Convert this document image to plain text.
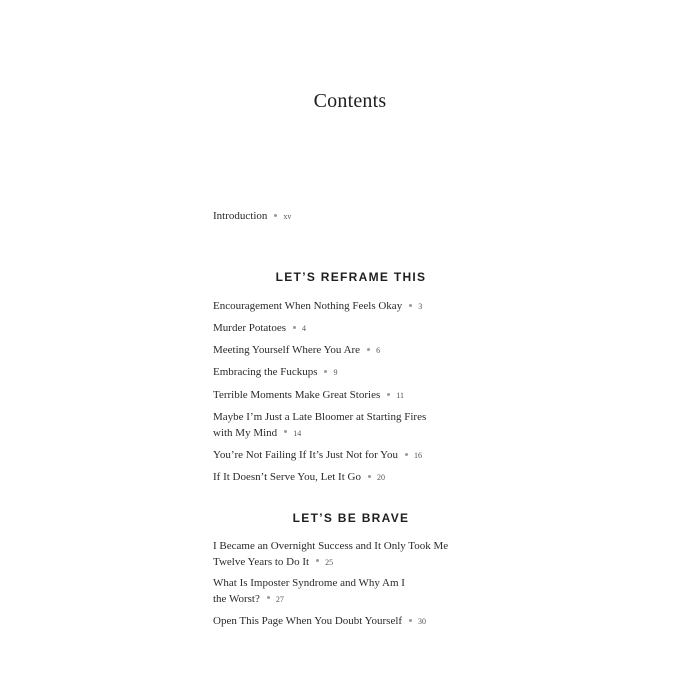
Contents

Introduction xv

LET’S REFRAME THIS

Encouragement When Nothing Feels Okay 3

Murder Potatoes 4

Meeting Yourself Where You Are 6

Embracing the Fuckups 9

Terrible Moments Make Great Stories 11

Maybe I’m Just a Late Bloomer at Starting Fires
with My Mind 14

You’re Not Failing If It’s Just Not for You 16

If It Doesn’t Serve You, Let It Go 20

LET’S BE BRAVE

I Became an Overnight Success and It Only Took Me
Twelve Years to Do It 25

What Is Imposter Syndrome and Why Am I
the Worst? 27

Open This Page When You Doubt Yourself 30
